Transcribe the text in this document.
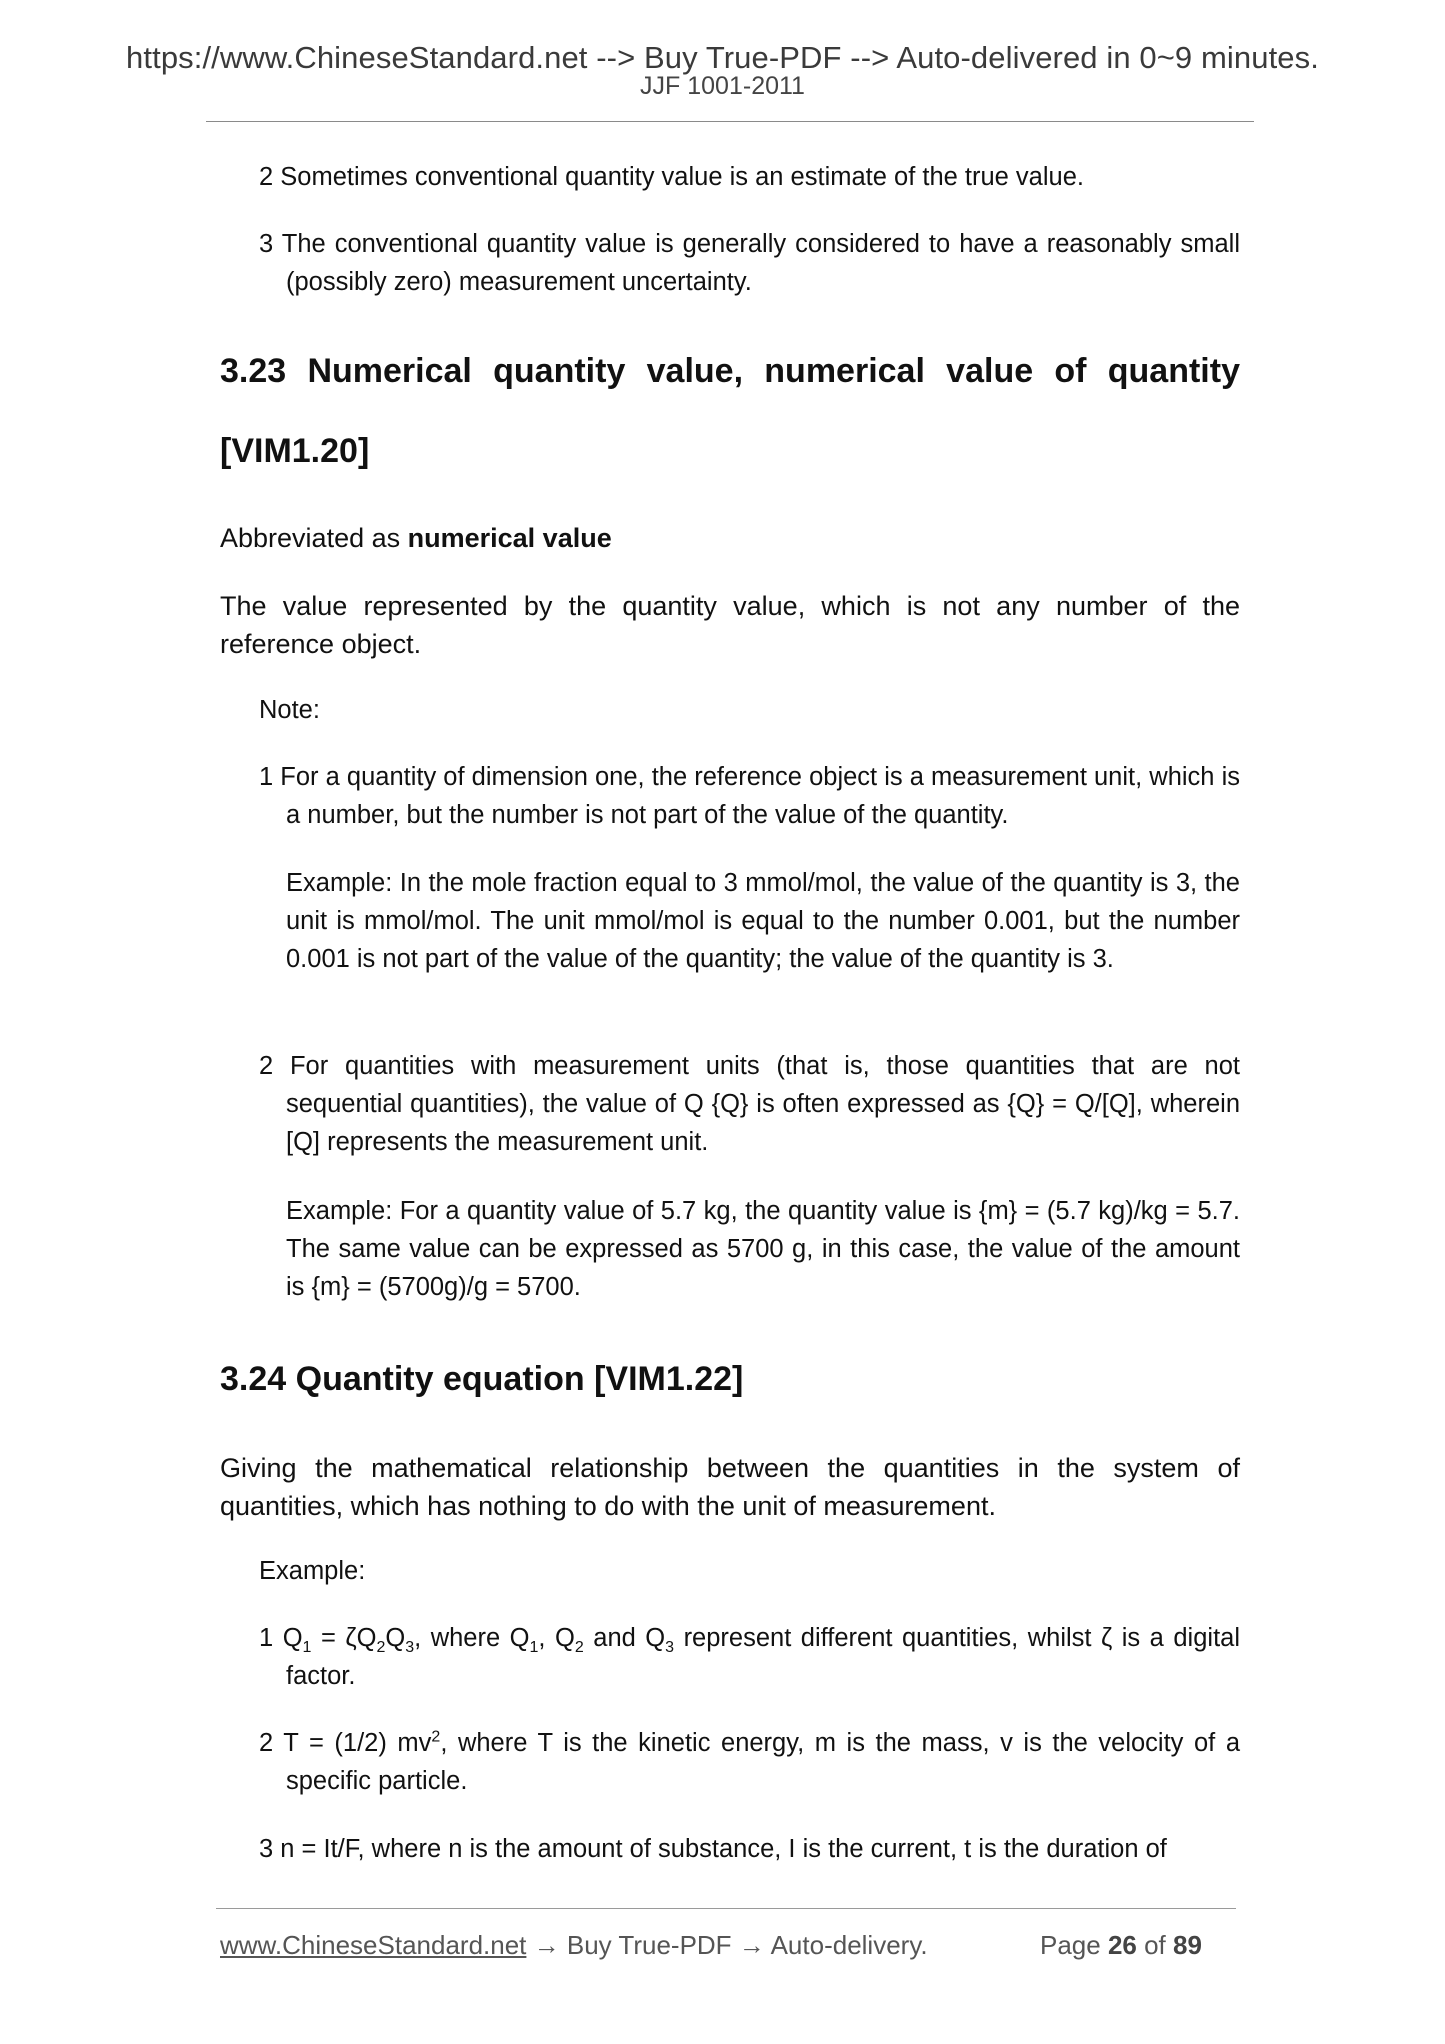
https://www.ChineseStandard.net --> Buy True-PDF --> Auto-delivered in 0~9 minutes.
JJF 1001-2011

2 Sometimes conventional quantity value is an estimate of the true value.

3 The conventional quantity value is generally considered to have a reasonably small (possibly zero) measurement uncertainty.

3.23 Numerical quantity value, numerical value of quantity

[VIM1.20]

Abbreviated as numerical value

The value represented by the quantity value, which is not any number of the reference object.

Note:

1 For a quantity of dimension one, the reference object is a measurement unit, which is a number, but the number is not part of the value of the quantity.

Example: In the mole fraction equal to 3 mmol/mol, the value of the quantity is 3, the unit is mmol/mol. The unit mmol/mol is equal to the number 0.001, but the number 0.001 is not part of the value of the quantity; the value of the quantity is 3.

2 For quantities with measurement units (that is, those quantities that are not sequential quantities), the value of Q {Q} is often expressed as {Q} = Q/[Q], wherein [Q] represents the measurement unit.

Example: For a quantity value of 5.7 kg, the quantity value is {m} = (5.7 kg)/kg = 5.7. The same value can be expressed as 5700 g, in this case, the value of the amount is {m} = (5700g)/g = 5700.

3.24 Quantity equation [VIM1.22]

Giving the mathematical relationship between the quantities in the system of quantities, which has nothing to do with the unit of measurement.

Example:

1 $Q_1 = \zeta Q_2Q_3$, where $Q_1$, $Q_2$ and $Q_3$ represent different quantities, whilst ζ is a digital factor.

2 T = (1/2) $mv^2$, where T is the kinetic energy, m is the mass, v is the velocity of a specific particle.

3 n = It/F, where n is the amount of substance, I is the current, t is the duration of

www.ChineseStandard.net → Buy True-PDF → Auto-delivery.	Page 26 of 89
